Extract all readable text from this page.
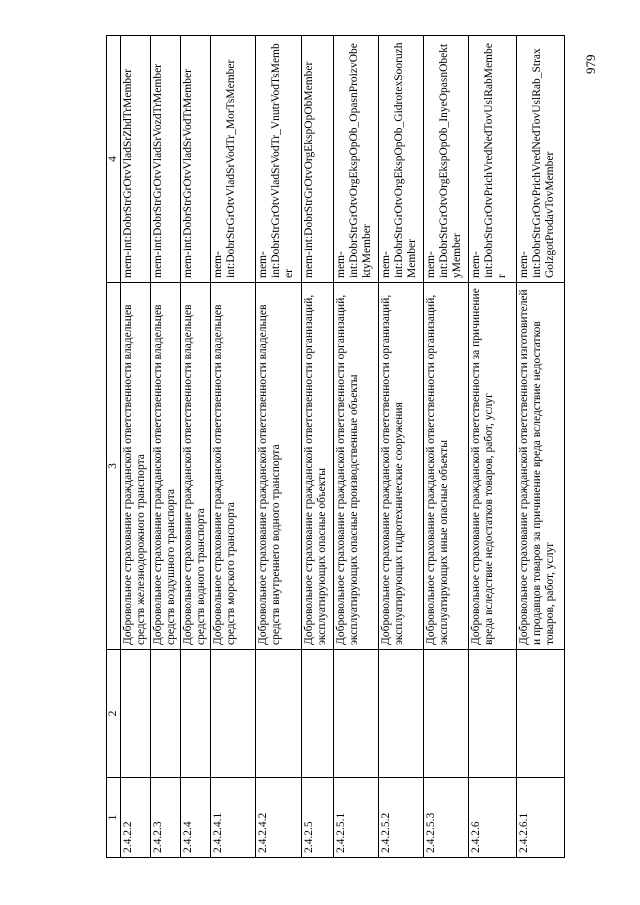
979
1	2	3	4
2.4.2.2		Добровольное страхование гражданской ответственности владельцев средств железнодорожного транспорта	mem-int:DobrStrGrOtvVladSrZhdTrMember
2.4.2.3		Добровольное страхование гражданской ответственности владельцев средств воздушного транспорта	mem-int:DobrStrGrOtvVladSrVozdTrMember
2.4.2.4		Добровольное страхование гражданской ответственности владельцев средств водного транспорта	mem-int:DobrStrGrOtvVladSrVodTrMember
2.4.2.4.1		Добровольное страхование гражданской ответственности владельцев средств морского транспорта	mem-int:DobrStrGrOtvVladSrVodTr_MorTsMember
2.4.2.4.2		Добровольное страхование гражданской ответственности владельцев средств внутреннего водного транспорта	mem-int:DobrStrGrOtvVladSrVodTr_VnutrVodTsMember
2.4.2.5		Добровольное страхование гражданской ответственности организаций, эксплуатирующих опасные объекты	mem-int:DobrStrGrOtvOrgEkspOpObMember
2.4.2.5.1		Добровольное страхование гражданской ответственности организаций, эксплуатирующих опасные производственные объекты	mem-int:DobrStrGrOtvOrgEkspOpOb_OpasnProizvObektyMember
2.4.2.5.2		Добровольное страхование гражданской ответственности организаций, эксплуатирующих гидротехнические сооружения	mem-int:DobrStrGrOtvOrgEkspOpOb_GidrotexSooruzhMember
2.4.2.5.3		Добровольное страхование гражданской ответственности организаций, эксплуатирующих иные опасные объекты	mem-int:DobrStrGrOtvOrgEkspOpOb_InyeOpasnObektyMember
2.4.2.6		Добровольное страхование гражданской ответственности за причинение вреда вследствие недостатков товаров, работ, услуг	mem-int:DobrStrGrOtvPrichVredNedTovUslRabMember
2.4.2.6.1		Добровольное страхование гражданской ответственности изготовителей и продавцов товаров за причинение вреда вследствие недостатков товаров, работ, услуг	mem-int:DobrStrGrOtvPrichVredNedTovUslRab_StraxGolzgotProdavTovMember
